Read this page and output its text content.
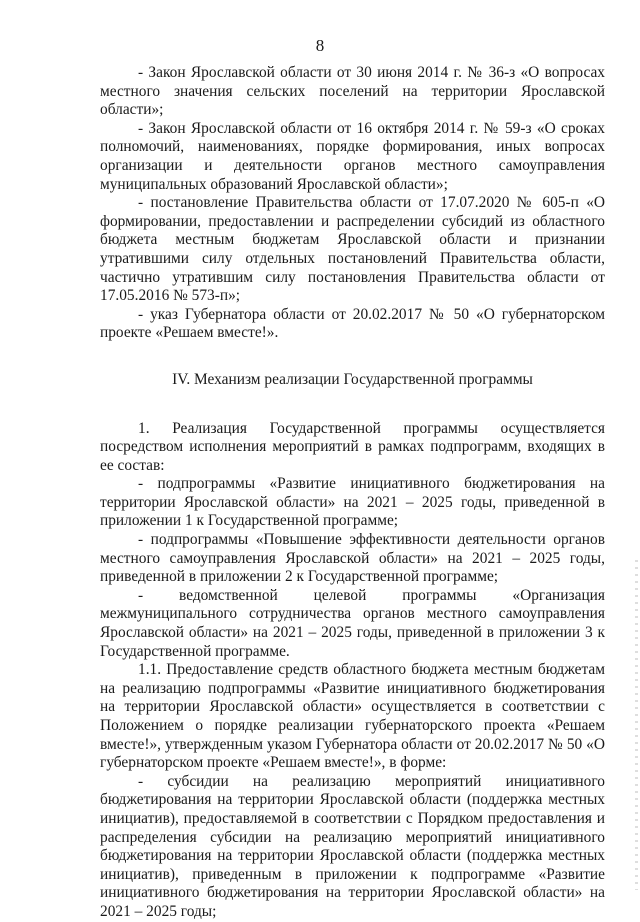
8

- Закон Ярославской области от 30 июня 2014 г. № 36-з «О вопросах местного значения сельских поселений на территории Ярославской области»;

- Закон Ярославской области от 16 октября 2014 г. № 59-з «О сроках полномочий, наименованиях, порядке формирования, иных вопросах организации и деятельности органов местного самоуправления муниципальных образований Ярославской области»;

- постановление Правительства области от 17.07.2020 № 605-п «О формировании, предоставлении и распределении субсидий из областного бюджета местным бюджетам Ярославской области и признании утратившими силу отдельных постановлений Правительства области, частично утратившим силу постановления Правительства области от 17.05.2016 № 573-п»;

- указ Губернатора области от 20.02.2017 № 50 «О губернаторском проекте «Решаем вместе!».

IV. Механизм реализации Государственной программы

1. Реализация Государственной программы осуществляется посредством исполнения мероприятий в рамках подпрограмм, входящих в ее состав:

- подпрограммы «Развитие инициативного бюджетирования на территории Ярославской области» на 2021 – 2025 годы, приведенной в приложении 1 к Государственной программе;

- подпрограммы «Повышение эффективности деятельности органов местного самоуправления Ярославской области» на 2021 – 2025 годы, приведенной в приложении 2 к Государственной программе;

- ведомственной целевой программы «Организация межмуниципального сотрудничества органов местного самоуправления Ярославской области» на 2021 – 2025 годы, приведенной в приложении 3 к Государственной программе.

1.1. Предоставление средств областного бюджета местным бюджетам на реализацию подпрограммы «Развитие инициативного бюджетирования на территории Ярославской области» осуществляется в соответствии с Положением о порядке реализации губернаторского проекта «Решаем вместе!», утвержденным указом Губернатора области от 20.02.2017 № 50 «О губернаторском проекте «Решаем вместе!», в форме:

- субсидии на реализацию мероприятий инициативного бюджетирования на территории Ярославской области (поддержка местных инициатив), предоставляемой в соответствии с Порядком предоставления и распределения субсидии на реализацию мероприятий инициативного бюджетирования на территории Ярославской области (поддержка местных инициатив), приведенным в приложении к подпрограмме «Развитие инициативного бюджетирования на территории Ярославской области» на 2021 – 2025 годы;
